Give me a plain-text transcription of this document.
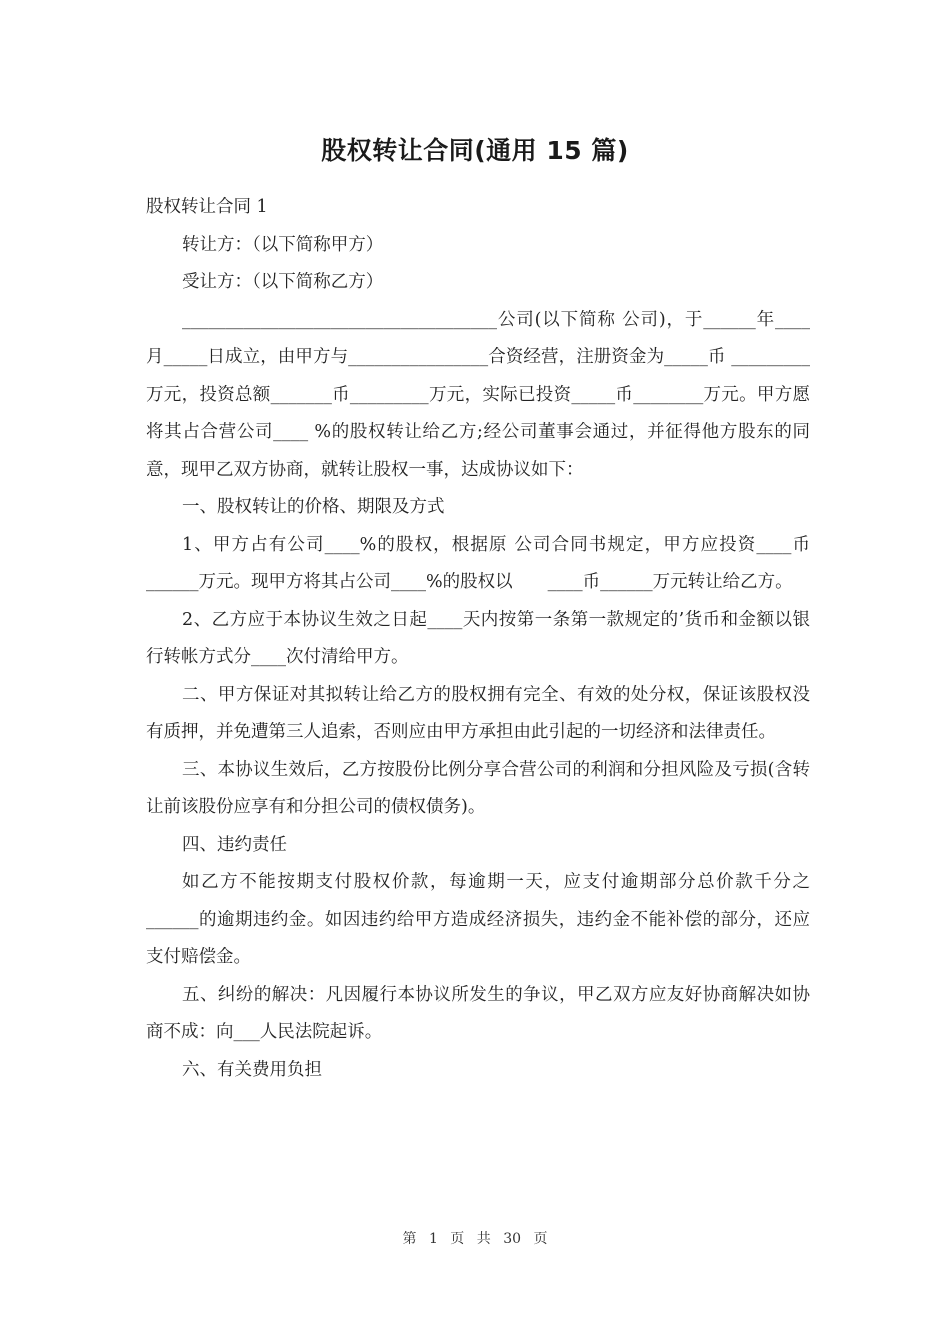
股权转让合同(通用 15 篇)

股权转让合同 1

转让方：（以下简称甲方）

受让方：（以下简称乙方）

____________________________________公司(以下简称 公司)，于______年____月_____日成立，由甲方与________________合资经营，注册资金为_____币 _________万元，投资总额_______币_________万元，实际已投资_____币________万元。甲方愿将其占合营公司____ %的股权转让给乙方;经公司董事会通过，并征得他方股东的同意，现甲乙双方协商，就转让股权一事，达成协议如下：

一、股权转让的价格、期限及方式

1、甲方占有公司____%的股权，根据原 公司合同书规定，甲方应投资____币______万元。现甲方将其占公司____%的股权以　　____币______万元转让给乙方。

2、乙方应于本协议生效之日起____天内按第一条第一款规定的’货币和金额以银行转帐方式分____次付清给甲方。

二、甲方保证对其拟转让给乙方的股权拥有完全、有效的处分权，保证该股权没有质押，并免遭第三人追索，否则应由甲方承担由此引起的一切经济和法律责任。

三、本协议生效后，乙方按股份比例分享合营公司的利润和分担风险及亏损(含转让前该股份应享有和分担公司的债权债务)。

四、违约责任

如乙方不能按期支付股权价款，每逾期一天，应支付逾期部分总价款千分之______的逾期违约金。如因违约给甲方造成经济损失，违约金不能补偿的部分，还应支付赔偿金。

五、纠纷的解决：凡因履行本协议所发生的争议，甲乙双方应友好协商解决如协商不成：向___人民法院起诉。

六、有关费用负担

第 1 页 共 30 页
